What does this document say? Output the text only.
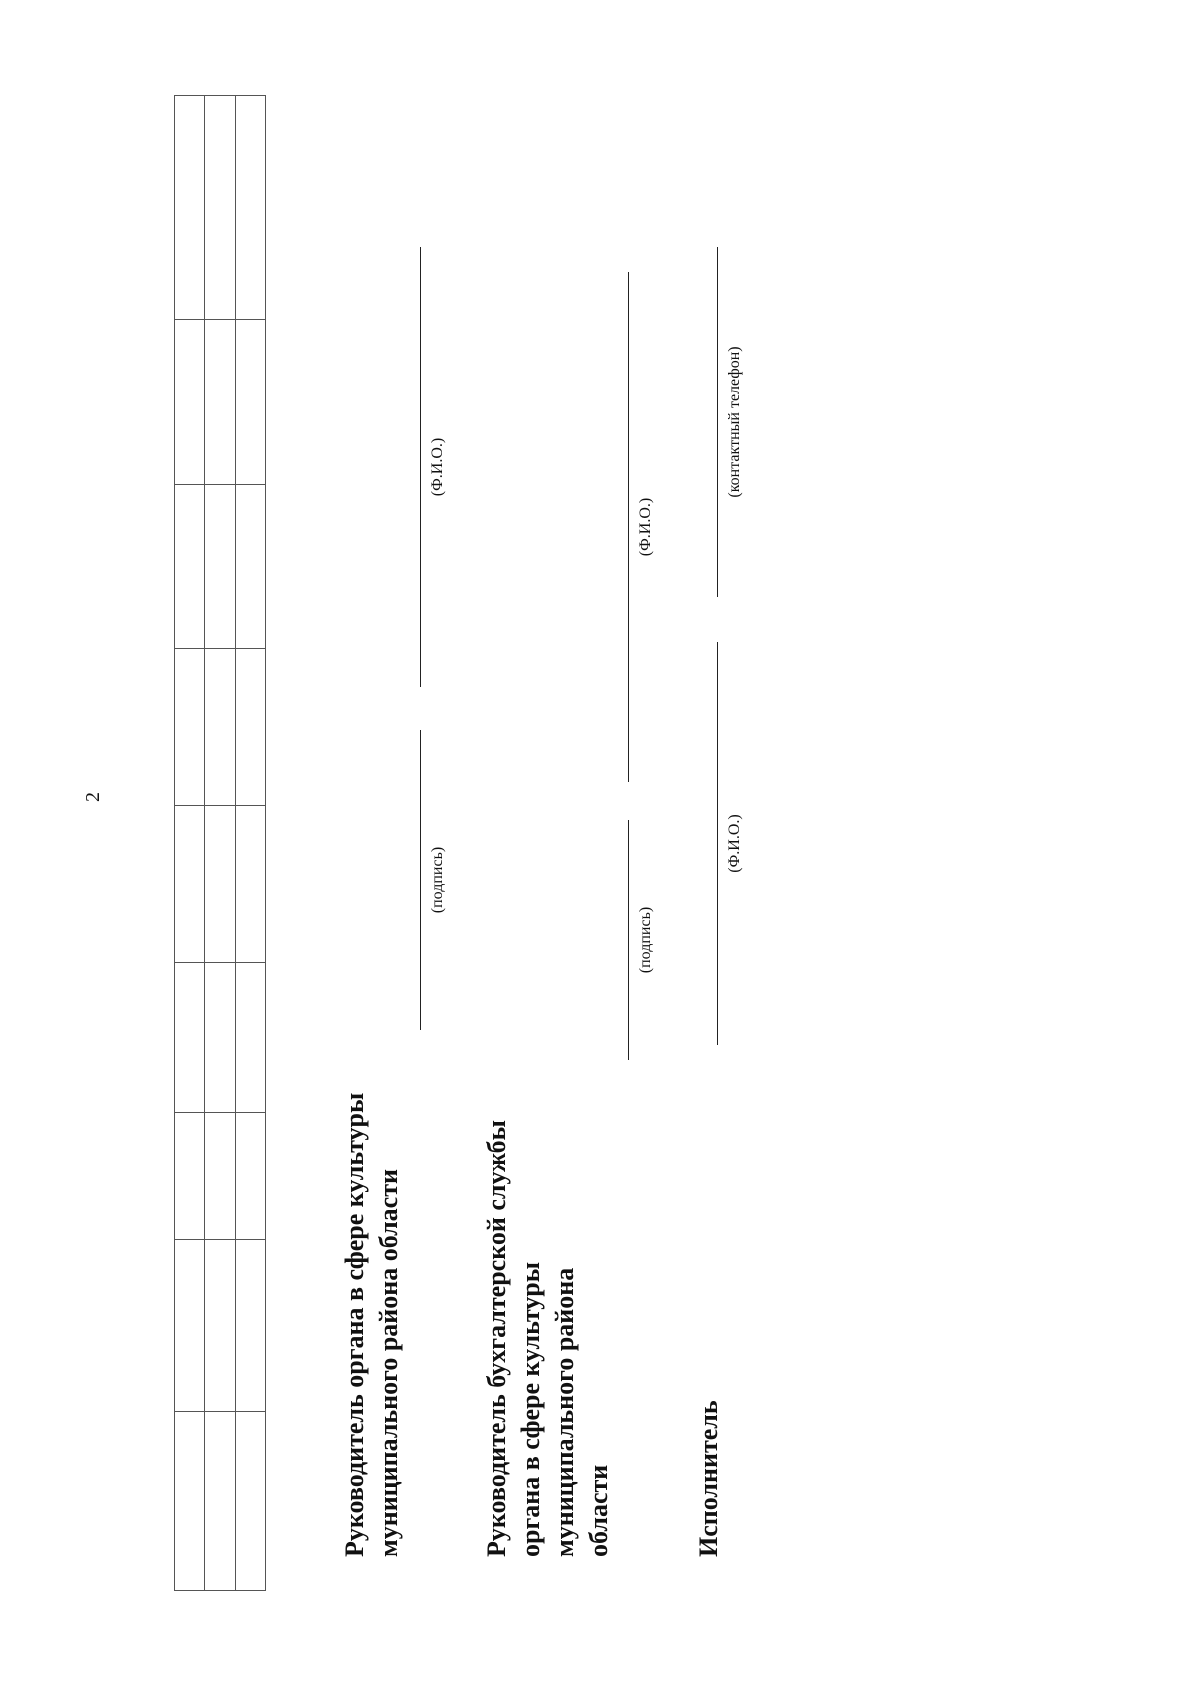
2

Руководитель органа в сфере культуры муниципального района области
(подпись)
(Ф.И.О.)
Руководитель бухгалтерской службы органа в сфере культуры муниципального района области
(подпись)
(Ф.И.О.)
Исполнитель
(Ф.И.О.)
(контактный телефон)
